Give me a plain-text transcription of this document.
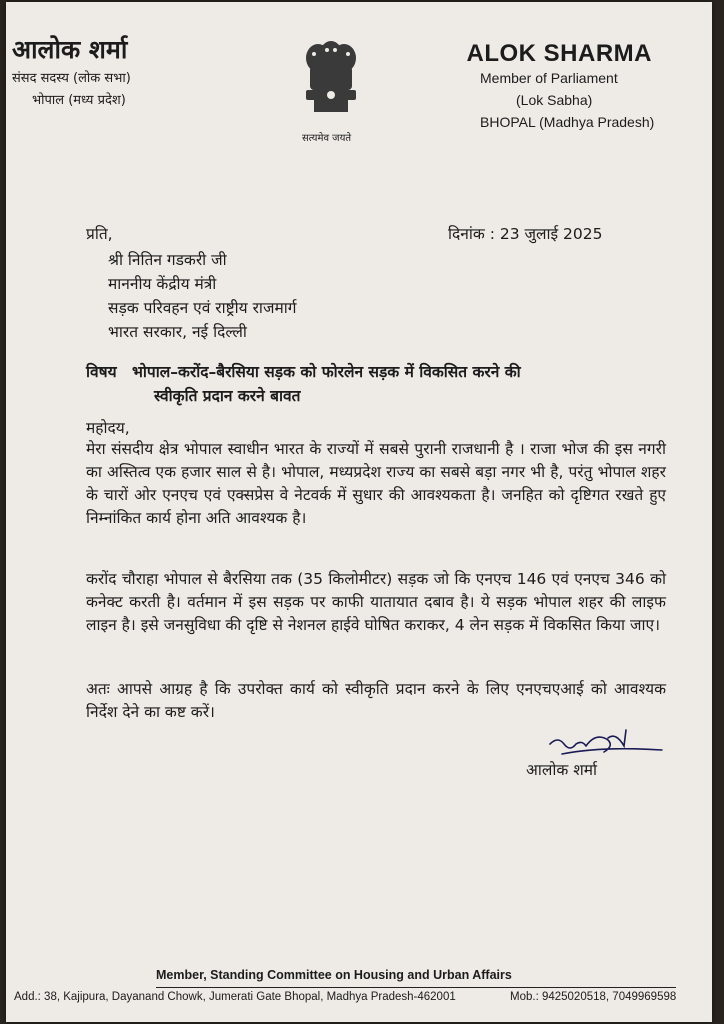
आलोक शर्मा
संसद सदस्य (लोक सभा)
भोपाल (मध्य प्रदेश)
सत्यमेव जयते
ALOK SHARMA
Member of Parliament
(Lok Sabha)
BHOPAL (Madhya Pradesh)
दिनांक : 23 जुलाई 2025
प्रति,
श्री नितिन गडकरी जी
माननीय केंद्रीय मंत्री
सड़क परिवहन एवं राष्ट्रीय राजमार्ग
भारत सरकार, नई दिल्ली
विषय भोपाल–करोंद–बैरसिया सड़क को फोरलेन सड़क में विकसित करने की
स्वीकृति प्रदान करने बावत
महोदय,
मेरा संसदीय क्षेत्र भोपाल स्वाधीन भारत के राज्यों में सबसे पुरानी राजधानी है । राजा भोज की इस नगरी का अस्तित्व एक हजार साल से है। भोपाल, मध्यप्रदेश राज्य का सबसे बड़ा नगर भी है, परंतु भोपाल शहर के चारों ओर एनएच एवं एक्सप्रेस वे नेटवर्क में सुधार की आवश्यकता है। जनहित को दृष्टिगत रखते हुए निम्नांकित कार्य होना अति आवश्यक है।
करोंद चौराहा भोपाल से बैरसिया तक (35 किलोमीटर) सड़क जो कि एनएच 146 एवं एनएच 346 को कनेक्ट करती है। वर्तमान में इस सड़क पर काफी यातायात दबाव है। ये सड़क भोपाल शहर की लाइफ लाइन है। इसे जनसुविधा की दृष्टि से नेशनल हाईवे घोषित कराकर, 4 लेन सड़क में विकसित किया जाए।
अतः आपसे आग्रह है कि उपरोक्त कार्य को स्वीकृति प्रदान करने के लिए एनएचएआई को आवश्यक निर्देश देने का कष्ट करें।
आलोक शर्मा
Member, Standing Committee on Housing and Urban Affairs
Add.: 38, Kajipura, Dayanand Chowk, Jumerati Gate Bhopal, Madhya Pradesh-462001	Mob.: 9425020518, 7049969598
